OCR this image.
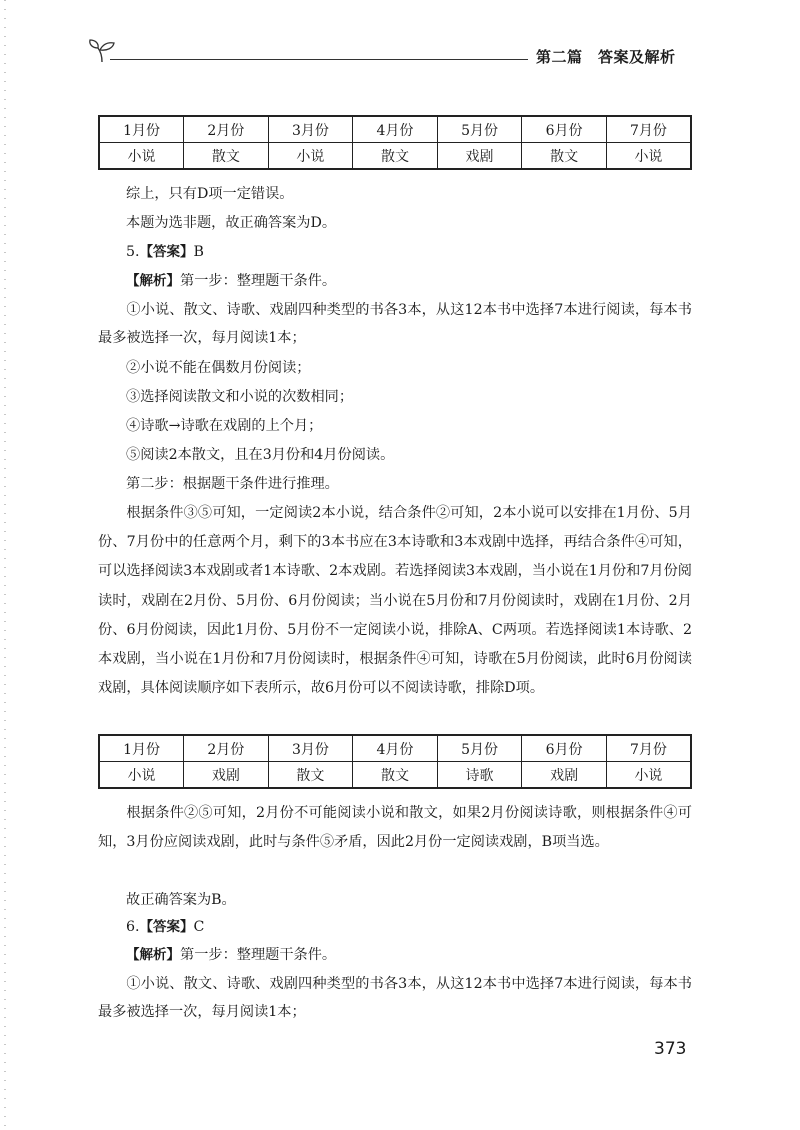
第二篇　答案及解析
1月份	2月份	3月份	4月份	5月份	6月份	7月份
小说	散文	小说	散文	戏剧	散文	小说

综上，只有D项一定错误。

本题为选非题，故正确答案为D。

5.【答案】B

【解析】第一步：整理题干条件。

①小说、散文、诗歌、戏剧四种类型的书各3本，从这12本书中选择7本进行阅读，每本书最多被选择一次，每月阅读1本；

②小说不能在偶数月份阅读；

③选择阅读散文和小说的次数相同；

④诗歌→诗歌在戏剧的上个月；

⑤阅读2本散文，且在3月份和4月份阅读。

第二步：根据题干条件进行推理。

根据条件③⑤可知，一定阅读2本小说，结合条件②可知，2本小说可以安排在1月份、5月份、7月份中的任意两个月，剩下的3本书应在3本诗歌和3本戏剧中选择，再结合条件④可知，可以选择阅读3本戏剧或者1本诗歌、2本戏剧。若选择阅读3本戏剧，当小说在1月份和7月份阅读时，戏剧在2月份、5月份、6月份阅读；当小说在5月份和7月份阅读时，戏剧在1月份、2月份、6月份阅读，因此1月份、5月份不一定阅读小说，排除A、C两项。若选择阅读1本诗歌、2本戏剧，当小说在1月份和7月份阅读时，根据条件④可知，诗歌在5月份阅读，此时6月份阅读戏剧，具体阅读顺序如下表所示，故6月份可以不阅读诗歌，排除D项。

1月份	2月份	3月份	4月份	5月份	6月份	7月份
小说	戏剧	散文	散文	诗歌	戏剧	小说

根据条件②⑤可知，2月份不可能阅读小说和散文，如果2月份阅读诗歌，则根据条件④可知，3月份应阅读戏剧，此时与条件⑤矛盾，因此2月份一定阅读戏剧，B项当选。

故正确答案为B。

6.【答案】C

【解析】第一步：整理题干条件。

①小说、散文、诗歌、戏剧四种类型的书各3本，从这12本书中选择7本进行阅读，每本书最多被选择一次，每月阅读1本；

373
